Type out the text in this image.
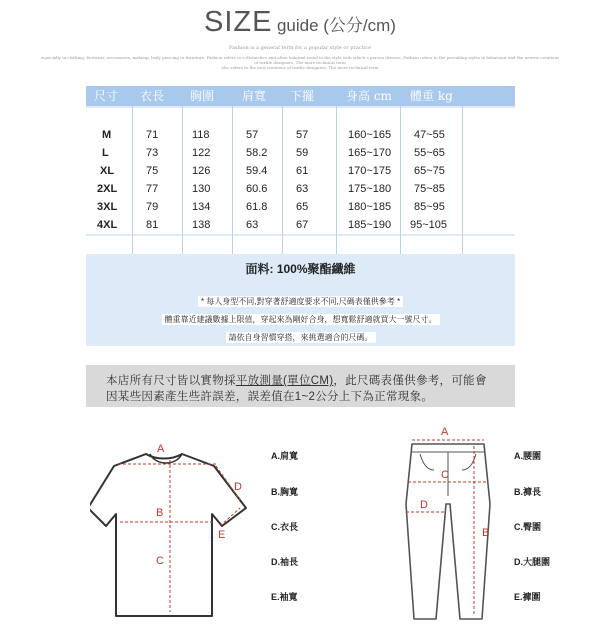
SIZE guide (公分/cm)
Fashion is a general term for a popular style or practice
especially in clothing, footwear, accessories, makeup, body piercing or furniture. Fashion refers to a distinctive and often habitual trend in the style with which a person dresses. Fashion refers to the prevailing styles in behaviour and the newest creations of textile designers. The more technical term
also refers to the new creations of textile designers. The more technical term
尺寸 衣長 胸圍 肩寬 下擺	身高 cm 體重 kg
M	71	118	57	57	160~165 47~55
L	73	122	58.2	59	165~170 55~65
XL	75	126	59.4	61	170~175 65~75
2XL	77	130	60.6	63	175~180 75~85
3XL	79	134	61.8	65	180~185 85~95
4XL	81	138	63	67	185~190 95~105
面料: 100%聚酯纖維
* 每人身型不同,對穿著舒適度要求不同,尺碼表僅供參考 *
體重靠近建議數據上限值，穿起來為剛好合身，想寬鬆舒適就買大一號尺寸。
請依自身習慣穿搭，來挑選適合的尺碼。

本店所有尺寸皆以實物採平放測量(單位CM)，此尺碼表僅供參考，可能會

因某些因素產生些許誤差，誤差值在1~2公分上下為正常現象。

A
B
C
D
E
A.肩寬
B.胸寬
C.衣長
D.袖長
E.袖寬
A
B
C
D
A.腰圍
B.褲長
C.臀圍
D.大腿圍
E.褲圍
